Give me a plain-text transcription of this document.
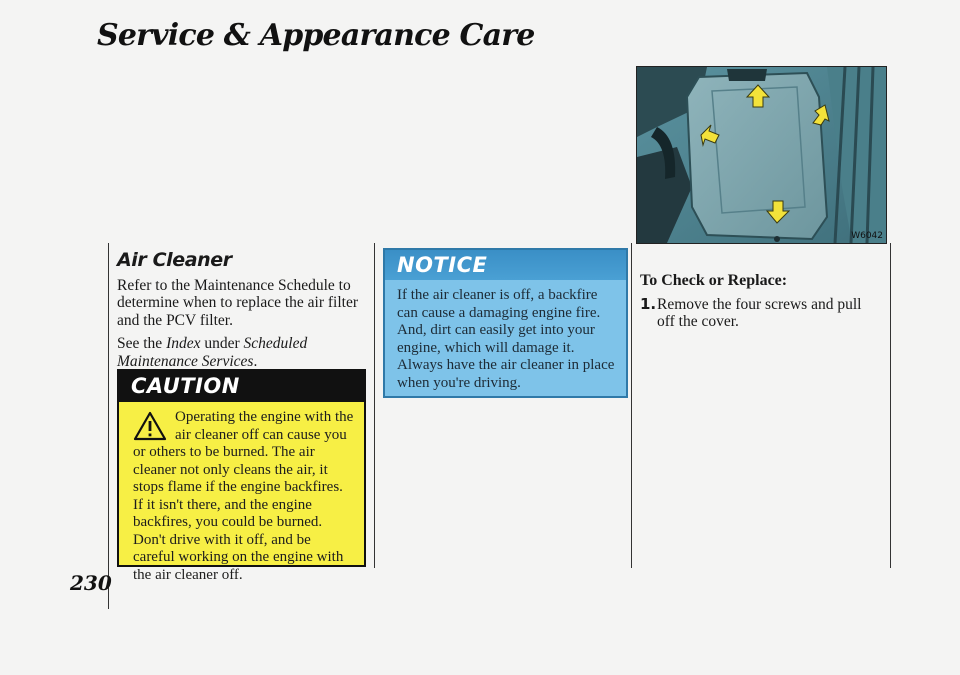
Service & Appearance Care
230
Air Cleaner

Refer to the Maintenance Schedule to determine when to replace the air filter and the PCV filter.

See the Index under Scheduled Maintenance Services.

CAUTION
Operating the engine with the air cleaner off can cause you or others to be burned. The air cleaner not only cleans the air, it stops flame if the engine backfires. If it isn't there, and the engine backfires, you could be burned. Don't drive with it off, and be careful working on the engine with the air cleaner off.
NOTICE
If the air cleaner is off, a backfire can cause a damaging engine fire. And, dirt can easily get into your engine, which will damage it. Always have the air cleaner in place when you're driving.
W6042
To Check or Replace:

1. Remove the four screws and pull off the cover.
